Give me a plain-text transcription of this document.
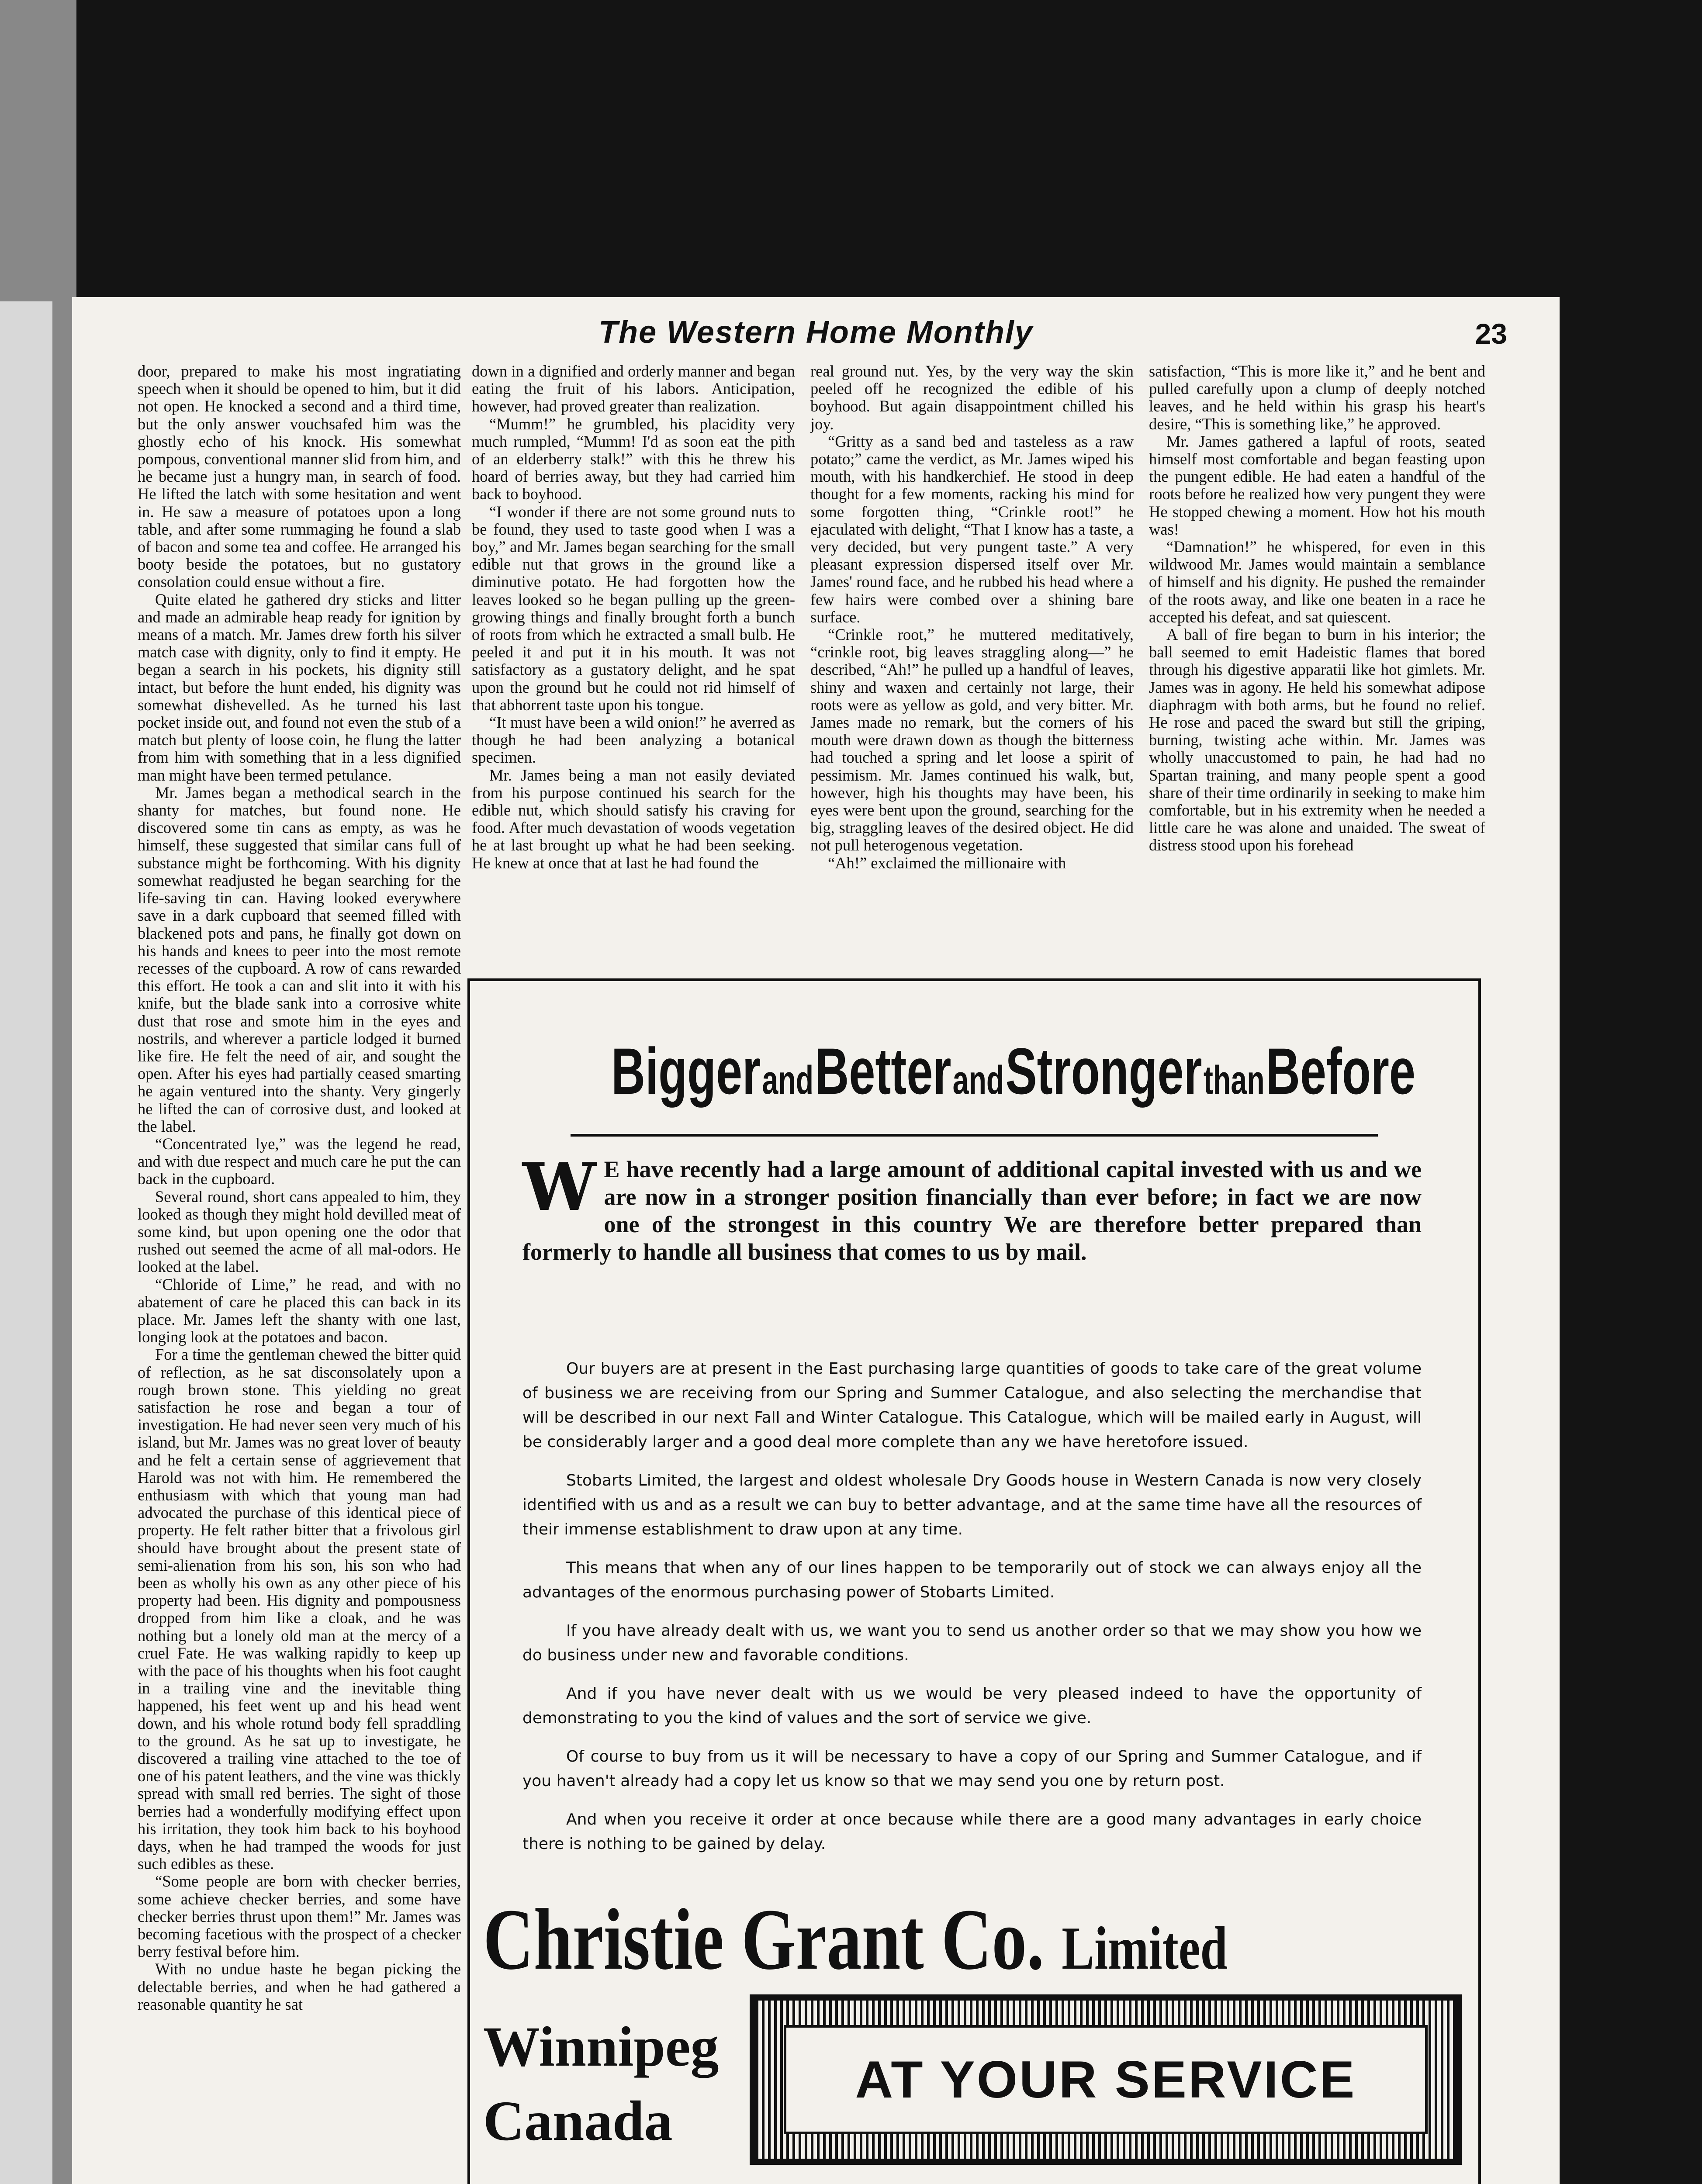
The Western Home Monthly	23

door, prepared to make his most ingratiating speech when it should be opened to him, but it did not open. He knocked a second and a third time, but the only answer vouchsafed him was the ghostly echo of his knock. His somewhat pompous, conventional manner slid from him, and he became just a hungry man, in search of food. He lifted the latch with some hesitation and went in. He saw a measure of potatoes upon a long table, and after some rummaging he found a slab of bacon and some tea and coffee. He arranged his booty beside the potatoes, but no gustatory consolation could ensue without a fire.

Quite elated he gathered dry sticks and litter and made an admirable heap ready for ignition by means of a match. Mr. James drew forth his silver match case with dignity, only to find it empty. He began a search in his pockets, his dignity still intact, but before the hunt ended, his dignity was somewhat dishevelled. As he turned his last pocket inside out, and found not even the stub of a match but plenty of loose coin, he flung the latter from him with something that in a less dignified man might have been termed petulance.

Mr. James began a methodical search in the shanty for matches, but found none. He discovered some tin cans as empty, as was he himself, these suggested that similar cans full of substance might be forthcoming. With his dignity somewhat readjusted he began searching for the life-saving tin can. Having looked everywhere save in a dark cupboard that seemed filled with blackened pots and pans, he finally got down on his hands and knees to peer into the most remote recesses of the cupboard. A row of cans rewarded this effort. He took a can and slit into it with his knife, but the blade sank into a corrosive white dust that rose and smote him in the eyes and nostrils, and wherever a particle lodged it burned like fire. He felt the need of air, and sought the open. After his eyes had partially ceased smarting he again ventured into the shanty. Very gingerly he lifted the can of corrosive dust, and looked at the label.

“Concentrated lye,” was the legend he read, and with due respect and much care he put the can back in the cupboard.

Several round, short cans appealed to him, they looked as though they might hold devilled meat of some kind, but upon opening one the odor that rushed out seemed the acme of all mal-odors. He looked at the label.

“Chloride of Lime,” he read, and with no abatement of care he placed this can back in its place. Mr. James left the shanty with one last, longing look at the potatoes and bacon.

For a time the gentleman chewed the bitter quid of reflection, as he sat disconsolately upon a rough brown stone. This yielding no great satisfaction he rose and began a tour of investigation. He had never seen very much of his island, but Mr. James was no great lover of beauty and he felt a certain sense of aggrievement that Harold was not with him. He remembered the enthusiasm with which that young man had advocated the purchase of this identical piece of property. He felt rather bitter that a frivolous girl should have brought about the present state of semi-alienation from his son, his son who had been as wholly his own as any other piece of his property had been. His dignity and pompousness dropped from him like a cloak, and he was nothing but a lonely old man at the mercy of a cruel Fate. He was walking rapidly to keep up with the pace of his thoughts when his foot caught in a trailing vine and the inevitable thing happened, his feet went up and his head went down, and his whole rotund body fell spraddling to the ground. As he sat up to investigate, he discovered a trailing vine attached to the toe of one of his patent leathers, and the vine was thickly spread with small red berries. The sight of those berries had a wonderfully modifying effect upon his irritation, they took him back to his boyhood days, when he had tramped the woods for just such edibles as these.

“Some people are born with checker berries, some achieve checker berries, and some have checker berries thrust upon them!” Mr. James was becoming facetious with the prospect of a checker berry festival before him.

With no undue haste he began picking the delectable berries, and when he had gathered a reasonable quantity he sat

down in a dignified and orderly manner and began eating the fruit of his labors. Anticipation, however, had proved greater than realization.

“Mumm!” he grumbled, his placidity very much rumpled, “Mumm! I'd as soon eat the pith of an elderberry stalk!” with this he threw his hoard of berries away, but they had carried him back to boyhood.

“I wonder if there are not some ground nuts to be found, they used to taste good when I was a boy,” and Mr. James began searching for the small edible nut that grows in the ground like a diminutive potato. He had forgotten how the leaves looked so he began pulling up the green-growing things and finally brought forth a bunch of roots from which he extracted a small bulb. He peeled it and put it in his mouth. It was not satisfactory as a gustatory delight, and he spat upon the ground but he could not rid himself of that abhorrent taste upon his tongue.

“It must have been a wild onion!” he averred as though he had been analyzing a botanical specimen.

Mr. James being a man not easily deviated from his purpose continued his search for the edible nut, which should satisfy his craving for food. After much devastation of woods vegetation he at last brought up what he had been seeking. He knew at once that at last he had found the

real ground nut. Yes, by the very way the skin peeled off he recognized the edible of his boyhood. But again disappointment chilled his joy.

“Gritty as a sand bed and tasteless as a raw potato;” came the verdict, as Mr. James wiped his mouth, with his handkerchief. He stood in deep thought for a few moments, racking his mind for some forgotten thing, “Crinkle root!” he ejaculated with delight, “That I know has a taste, a very decided, but very pungent taste.” A very pleasant expression dispersed itself over Mr. James' round face, and he rubbed his head where a few hairs were combed over a shining bare surface.

“Crinkle root,” he muttered meditatively, “crinkle root, big leaves straggling along—” he described, “Ah!” he pulled up a handful of leaves, shiny and waxen and certainly not large, their roots were as yellow as gold, and very bitter. Mr. James made no remark, but the corners of his mouth were drawn down as though the bitterness had touched a spring and let loose a spirit of pessimism. Mr. James continued his walk, but, however, high his thoughts may have been, his eyes were bent upon the ground, searching for the big, straggling leaves of the desired object. He did not pull heterogenous vegetation.

“Ah!” exclaimed the millionaire with

satisfaction, “This is more like it,” and he bent and pulled carefully upon a clump of deeply notched leaves, and he held within his grasp his heart's desire, “This is something like,” he approved.

Mr. James gathered a lapful of roots, seated himself most comfortable and began feasting upon the pungent edible. He had eaten a handful of the roots before he realized how very pungent they were He stopped chewing a moment. How hot his mouth was!

“Damnation!” he whispered, for even in this wildwood Mr. James would maintain a semblance of himself and his dignity. He pushed the remainder of the roots away, and like one beaten in a race he accepted his defeat, and sat quiescent.

A ball of fire began to burn in his interior; the ball seemed to emit Hadeistic flames that bored through his digestive apparatii like hot gimlets. Mr. James was in agony. He held his somewhat adipose diaphragm with both arms, but he found no relief. He rose and paced the sward but still the griping, burning, twisting ache within. Mr. James was wholly unaccustomed to pain, he had had no Spartan training, and many people spent a good share of their time ordinarily in seeking to make him comfortable, but in his extremity when he needed a little care he was alone and unaided. The sweat of distress stood upon his forehead

Bigger and Better and Stronger than Before
W E have recently had a large amount of additional capital invested with us and we are now in a stronger position financially than ever before; in fact we are now one of the strongest in this country We are therefore better prepared than formerly to handle all business that comes to us by mail.

Our buyers are at present in the East purchasing large quantities of goods to take care of the great volume of business we are receiving from our Spring and Summer Catalogue, and also selecting the merchandise that will be described in our next Fall and Winter Catalogue. This Catalogue, which will be mailed early in August, will be considerably larger and a good deal more complete than any we have heretofore issued.

Stobarts Limited, the largest and oldest wholesale Dry Goods house in Western Canada is now very closely identified with us and as a result we can buy to better advantage, and at the same time have all the resources of their immense establishment to draw upon at any time.

This means that when any of our lines happen to be temporarily out of stock we can always enjoy all the advantages of the enormous purchasing power of Stobarts Limited.

If you have already dealt with us, we want you to send us another order so that we may show you how we do business under new and favorable conditions.

And if you have never dealt with us we would be very pleased indeed to have the opportunity of demonstrating to you the kind of values and the sort of service we give.

Of course to buy from us it will be necessary to have a copy of our Spring and Summer Catalogue, and if you haven't already had a copy let us know so that we may send you one by return post.

And when you receive it order at once because while there are a good many advantages in early choice there is nothing to be gained by delay.

Christie Grant Co. Limited
Winnipeg
Canada
AT YOUR SERVICE
